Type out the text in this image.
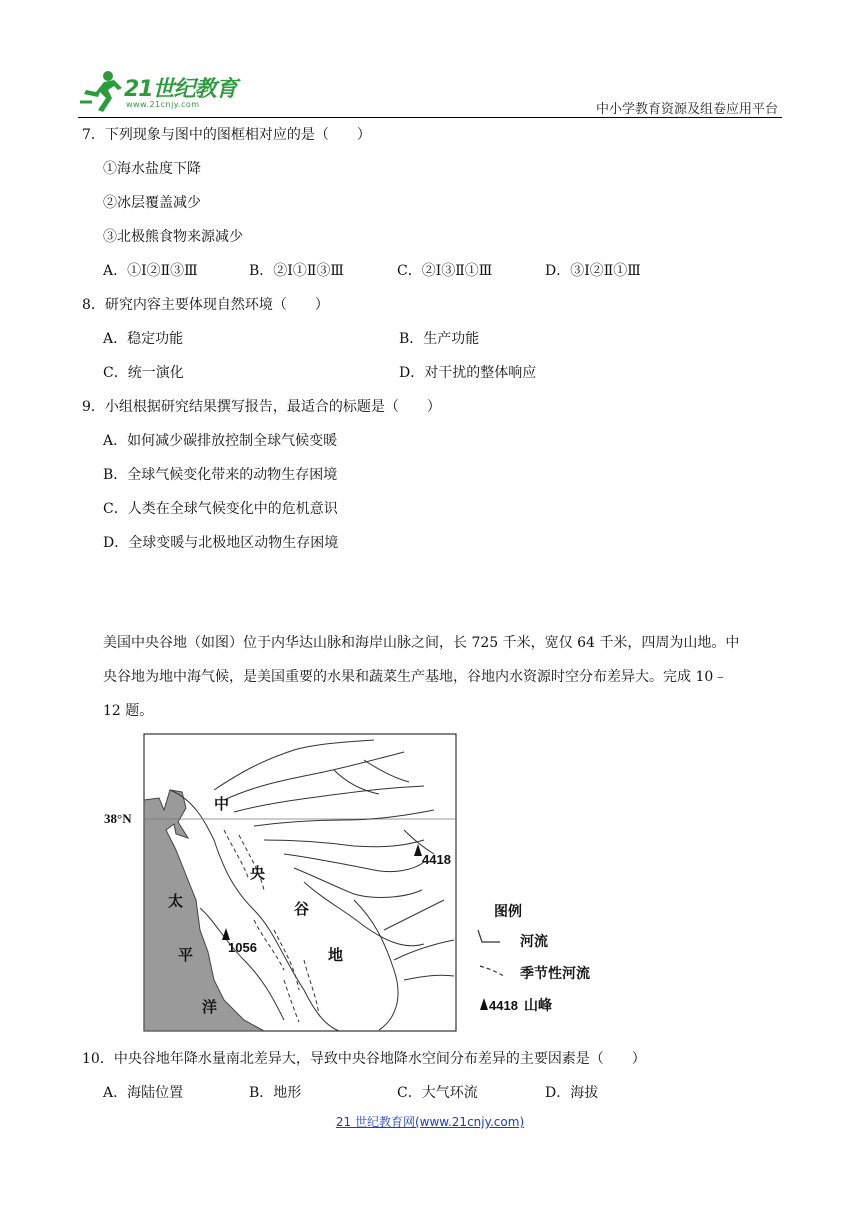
21世纪教育
www.21cnjy.com	中小学教育资源及组卷应用平台
7．下列现象与图中的图框相对应的是（　　）
①海水盐度下降
②冰层覆盖减少
③北极熊食物来源减少
A．①Ⅰ②Ⅱ③Ⅲ	B．②Ⅰ①Ⅱ③Ⅲ	C．②Ⅰ③Ⅱ①Ⅲ	D．③Ⅰ②Ⅱ①Ⅲ
8．研究内容主要体现自然环境（　　）
A．稳定功能	B．生产功能
C．统一演化	D．对干扰的整体响应
9．小组根据研究结果撰写报告，最适合的标题是（　　）
A．如何减少碳排放控制全球气候变暖
B．全球气候变化带来的动物生存困境
C．人类在全球气候变化中的危机意识
D．全球变暖与北极地区动物生存困境
美国中央谷地（如图）位于内华达山脉和海岸山脉之间，长 725 千米，宽仅 64 千米，四周为山地。中
央谷地为地中海气候，是美国重要的水果和蔬菜生产基地，谷地内水资源时空分布差异大。完成 10﹣
12 题。
38°N
中
央
谷
地
太
平
洋
4418
1056
图例
河流
季节性河流
4418 山峰
10．中央谷地年降水量南北差异大，导致中央谷地降水空间分布差异的主要因素是（　　）
A．海陆位置	B．地形	C．大气环流	D．海拔
21 世纪教育网(www.21cnjy.com)
